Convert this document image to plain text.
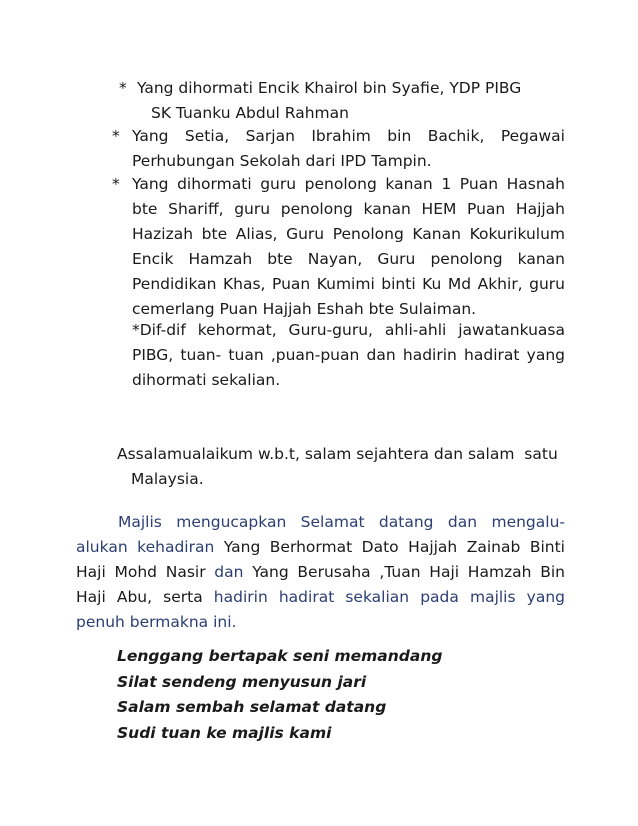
* Yang dihormati Encik Khairol bin Syafie, YDP PIBG
SK Tuanku Abdul Rahman
* Yang Setia, Sarjan Ibrahim bin Bachik, Pegawai Perhubungan Sekolah dari IPD Tampin.
* Yang dihormati guru penolong kanan 1 Puan Hasnah bte Shariff, guru penolong kanan HEM Puan Hajjah Hazizah bte Alias, Guru Penolong Kanan Kokurikulum Encik Hamzah bte Nayan, Guru penolong kanan Pendidikan Khas, Puan Kumimi binti Ku Md Akhir, guru cemerlang Puan Hajjah Eshah bte Sulaiman.
*Dif-dif kehormat, Guru-guru, ahli-ahli jawatankuasa PIBG, tuan- tuan ,puan-puan dan hadirin hadirat yang dihormati sekalian.
Assalamualaikum w.b.t, salam sejahtera dan salam  satu
Malaysia.
Majlis mengucapkan Selamat datang dan mengalu-alukan kehadiran Yang Berhormat Dato Hajjah Zainab Binti Haji Mohd Nasir dan Yang Berusaha ,Tuan Haji Hamzah Bin Haji Abu, serta hadirin hadirat sekalian pada majlis yang penuh bermakna ini.
Lenggang bertapak seni memandang
Silat sendeng menyusun jari
Salam sembah selamat datang
Sudi tuan ke majlis kami
